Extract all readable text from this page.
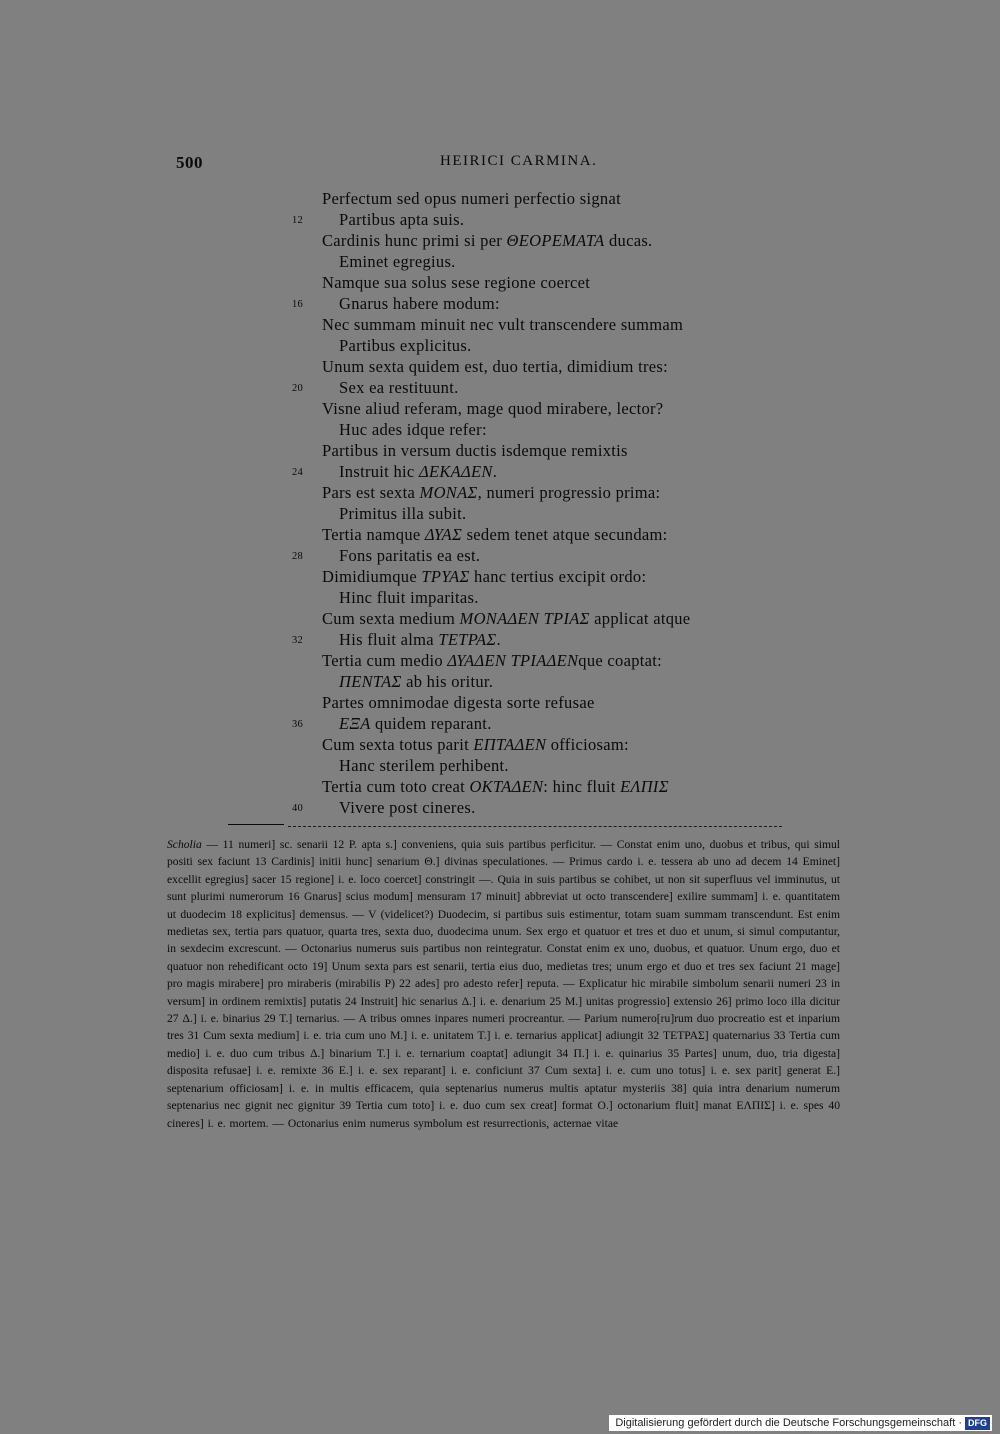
500	HEIRICI CARMINA.
Perfectum sed opus numeri perfectio signat
12 Partibus apta suis.
Cardinis hunc primi si per ΘΕΟΡΕΜΑΤΑ ducas.
Eminet egregius.
Namque sua solus sese regione coercet
16 Gnarus habere modum:
Nec summam minuit nec vult transcendere summam
Partibus explicitus.
Unum sexta quidem est, duo tertia, dimidium tres:
20 Sex ea restituunt.
Visne aliud referam, mage quod mirabere, lector?
Huc ades idque refer:
Partibus in versum ductis isdemque remixtis
24 Instruit hic ΔΕΚΑΔΕΝ.
Pars est sexta ΜΟΝΑΣ, numeri progressio prima:
Primitus illa subit.
Tertia namque ΔΥΑΣ sedem tenet atque secundam:
28 Fons paritatis ea est.
Dimidiumque ΤΡΥΑΣ hanc tertius excipit ordo:
Hinc fluit imparitas.
Cum sexta medium ΜΟΝΑΔΕΝ ΤΡΙΑΣ applicat atque
32 His fluit alma ΤΕΤΡΑΣ.
Tertia cum medio ΔΥΑΔΕΝ ΤΡΙΑΔΕΝque coaptat:
ΠΕΝΤΑΣ ab his oritur.
Partes omnimodae digesta sorte refusae
36 ΕΞΑ quidem reparant.
Cum sexta totus parit ΕΠΤΑΔΕΝ officiosam:
Hanc sterilem perhibent.
Tertia cum toto creat ΟΚΤΑΔΕΝ: hinc fluit ΕΛΠΙΣ
40 Vivere post cineres.
Scholia — 11 numeri] sc. senarii 12 P. apta s.] conveniens, quia suis partibus perficitur. — Constat enim uno, duobus et tribus, qui simul positi sex faciunt 13 Cardinis] initii hunc] senarium Θ.] divinas speculationes. — Primus cardo i. e. tessera ab uno ad decem 14 Eminet] excellit egregius] sacer 15 regione] i. e. loco coercet] constringit —. Quia in suis partibus se cohibet, ut non sit superfluus vel imminutus, ut sunt plurimi numerorum 16 Gnarus] scius modum] mensuram 17 minuit] abbreviat ut octo transcendere] exilire summam] i. e. quantitatem ut duodecim 18 explicitus] demensus. — V (videlicet?) Duodecim, si partibus suis estimentur, totam suam summam transcendunt. Est enim medietas sex, tertia pars quatuor, quarta tres, sexta duo, duodecima unum. Sex ergo et quatuor et tres et duo et unum, si simul computantur, in sexdecim excrescunt. — Octonarius numerus suis partibus non reintegratur. Constat enim ex uno, duobus, et quatuor. Unum ergo, duo et quatuor non rehedificant octo 19] Unum sexta pars est senarii, tertia eius duo, medietas tres; unum ergo et duo et tres sex faciunt 21 mage] pro magis mirabere] pro miraberis (mirabilis P) 22 ades] pro adesto refer] reputa. — Explicatur hic mirabile simbolum senarii numeri 23 in versum] in ordinem remixtis] putatis 24 Instruit] hic senarius Δ.] i. e. denarium 25 M.] unitas progressio] extensio 26] primo loco illa dicitur 27 Δ.] i. e. binarius 29 T.] ternarius. — A tribus omnes inpares numeri procreantur. — Parium numero[ru]rum duo procreatio est et inparium tres 31 Cum sexta medium] i. e. tria cum uno M.] i. e. unitatem T.] i. e. ternarius applicat] adiungit 32 ΤΕΤΡΑΣ] quaternarius 33 Tertia cum medio] i. e. duo cum tribus Δ.] binarium T.] i. e. ternarium coaptat] adiungit 34 Π.] i. e. quinarius 35 Partes] unum, duo, tria digesta] disposita refusae] i. e. remixte 36 Ε.] i. e. sex reparant] i. e. conficiunt 37 Cum sexta] i. e. cum uno totus] i. e. sex parit] generat Ε.] septenarium officiosam] i. e. in multis efficacem, quia septenarius numerus multis aptatur mysteriis 38] quia intra denarium numerum septenarius nec gignit nec gignitur 39 Tertia cum toto] i. e. duo cum sex creat] format Ο.] octonarium fluit] manat ΕΛΠΙΣ] i. e. spes 40 cineres] i. e. mortem. — Octonarius enim numerus symbolum est resurrectionis, acternae vitae
Digitalisierung gefördert durch die Deutsche Forschungsgemeinschaft · DFG
